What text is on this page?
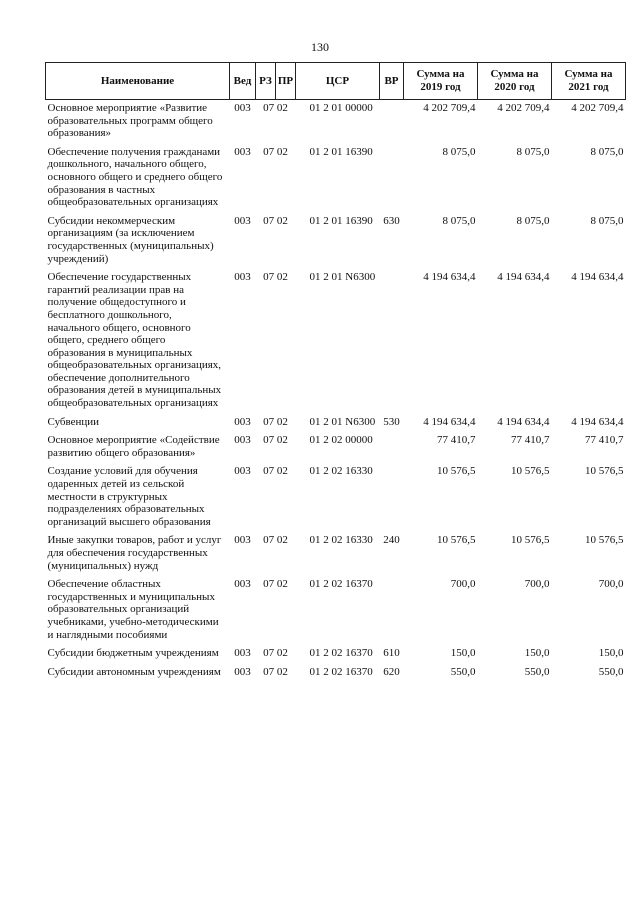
130
Наименование	Вед	РЗ	ПР	ЦСР	ВР	Сумма на 2019 год	Сумма на 2020 год	Сумма на 2021 год
Основное мероприятие «Развитие образовательных программ общего образования»	003	07 02		01 2 01 00000		4 202 709,4	4 202 709,4	4 202 709,4
Обеспечение получения гражданами дошкольного, начального общего, основного общего и среднего общего образования в частных общеобразовательных организациях	003	07 02		01 2 01 16390		8 075,0	8 075,0	8 075,0
Субсидии некоммерческим организациям (за исключением государственных (муниципальных) учреждений)	003	07 02		01 2 01 16390	630	8 075,0	8 075,0	8 075,0
Обеспечение государственных гарантий реализации прав на получение общедоступного и бесплатного дошкольного, начального общего, основного общего, среднего общего образования в муниципальных общеобразовательных организациях, обеспечение дополнительного образования детей в муниципальных общеобразовательных организациях	003	07 02		01 2 01 N6300		4 194 634,4	4 194 634,4	4 194 634,4
Субвенции	003	07 02		01 2 01 N6300	530	4 194 634,4	4 194 634,4	4 194 634,4
Основное мероприятие «Содействие развитию общего образования»	003	07 02		01 2 02 00000		77 410,7	77 410,7	77 410,7
Создание условий для обучения одаренных детей из сельской местности в структурных подразделениях образовательных организаций высшего образования	003	07 02		01 2 02 16330		10 576,5	10 576,5	10 576,5
Иные закупки товаров, работ и услуг для обеспечения государственных (муниципальных) нужд	003	07 02		01 2 02 16330	240	10 576,5	10 576,5	10 576,5
Обеспечение областных государственных и муниципальных образовательных организаций учебниками, учебно-методическими и наглядными пособиями	003	07 02		01 2 02 16370		700,0	700,0	700,0
Субсидии бюджетным учреждениям	003	07 02		01 2 02 16370	610	150,0	150,0	150,0
Субсидии автономным учреждениям	003	07 02		01 2 02 16370	620	550,0	550,0	550,0
